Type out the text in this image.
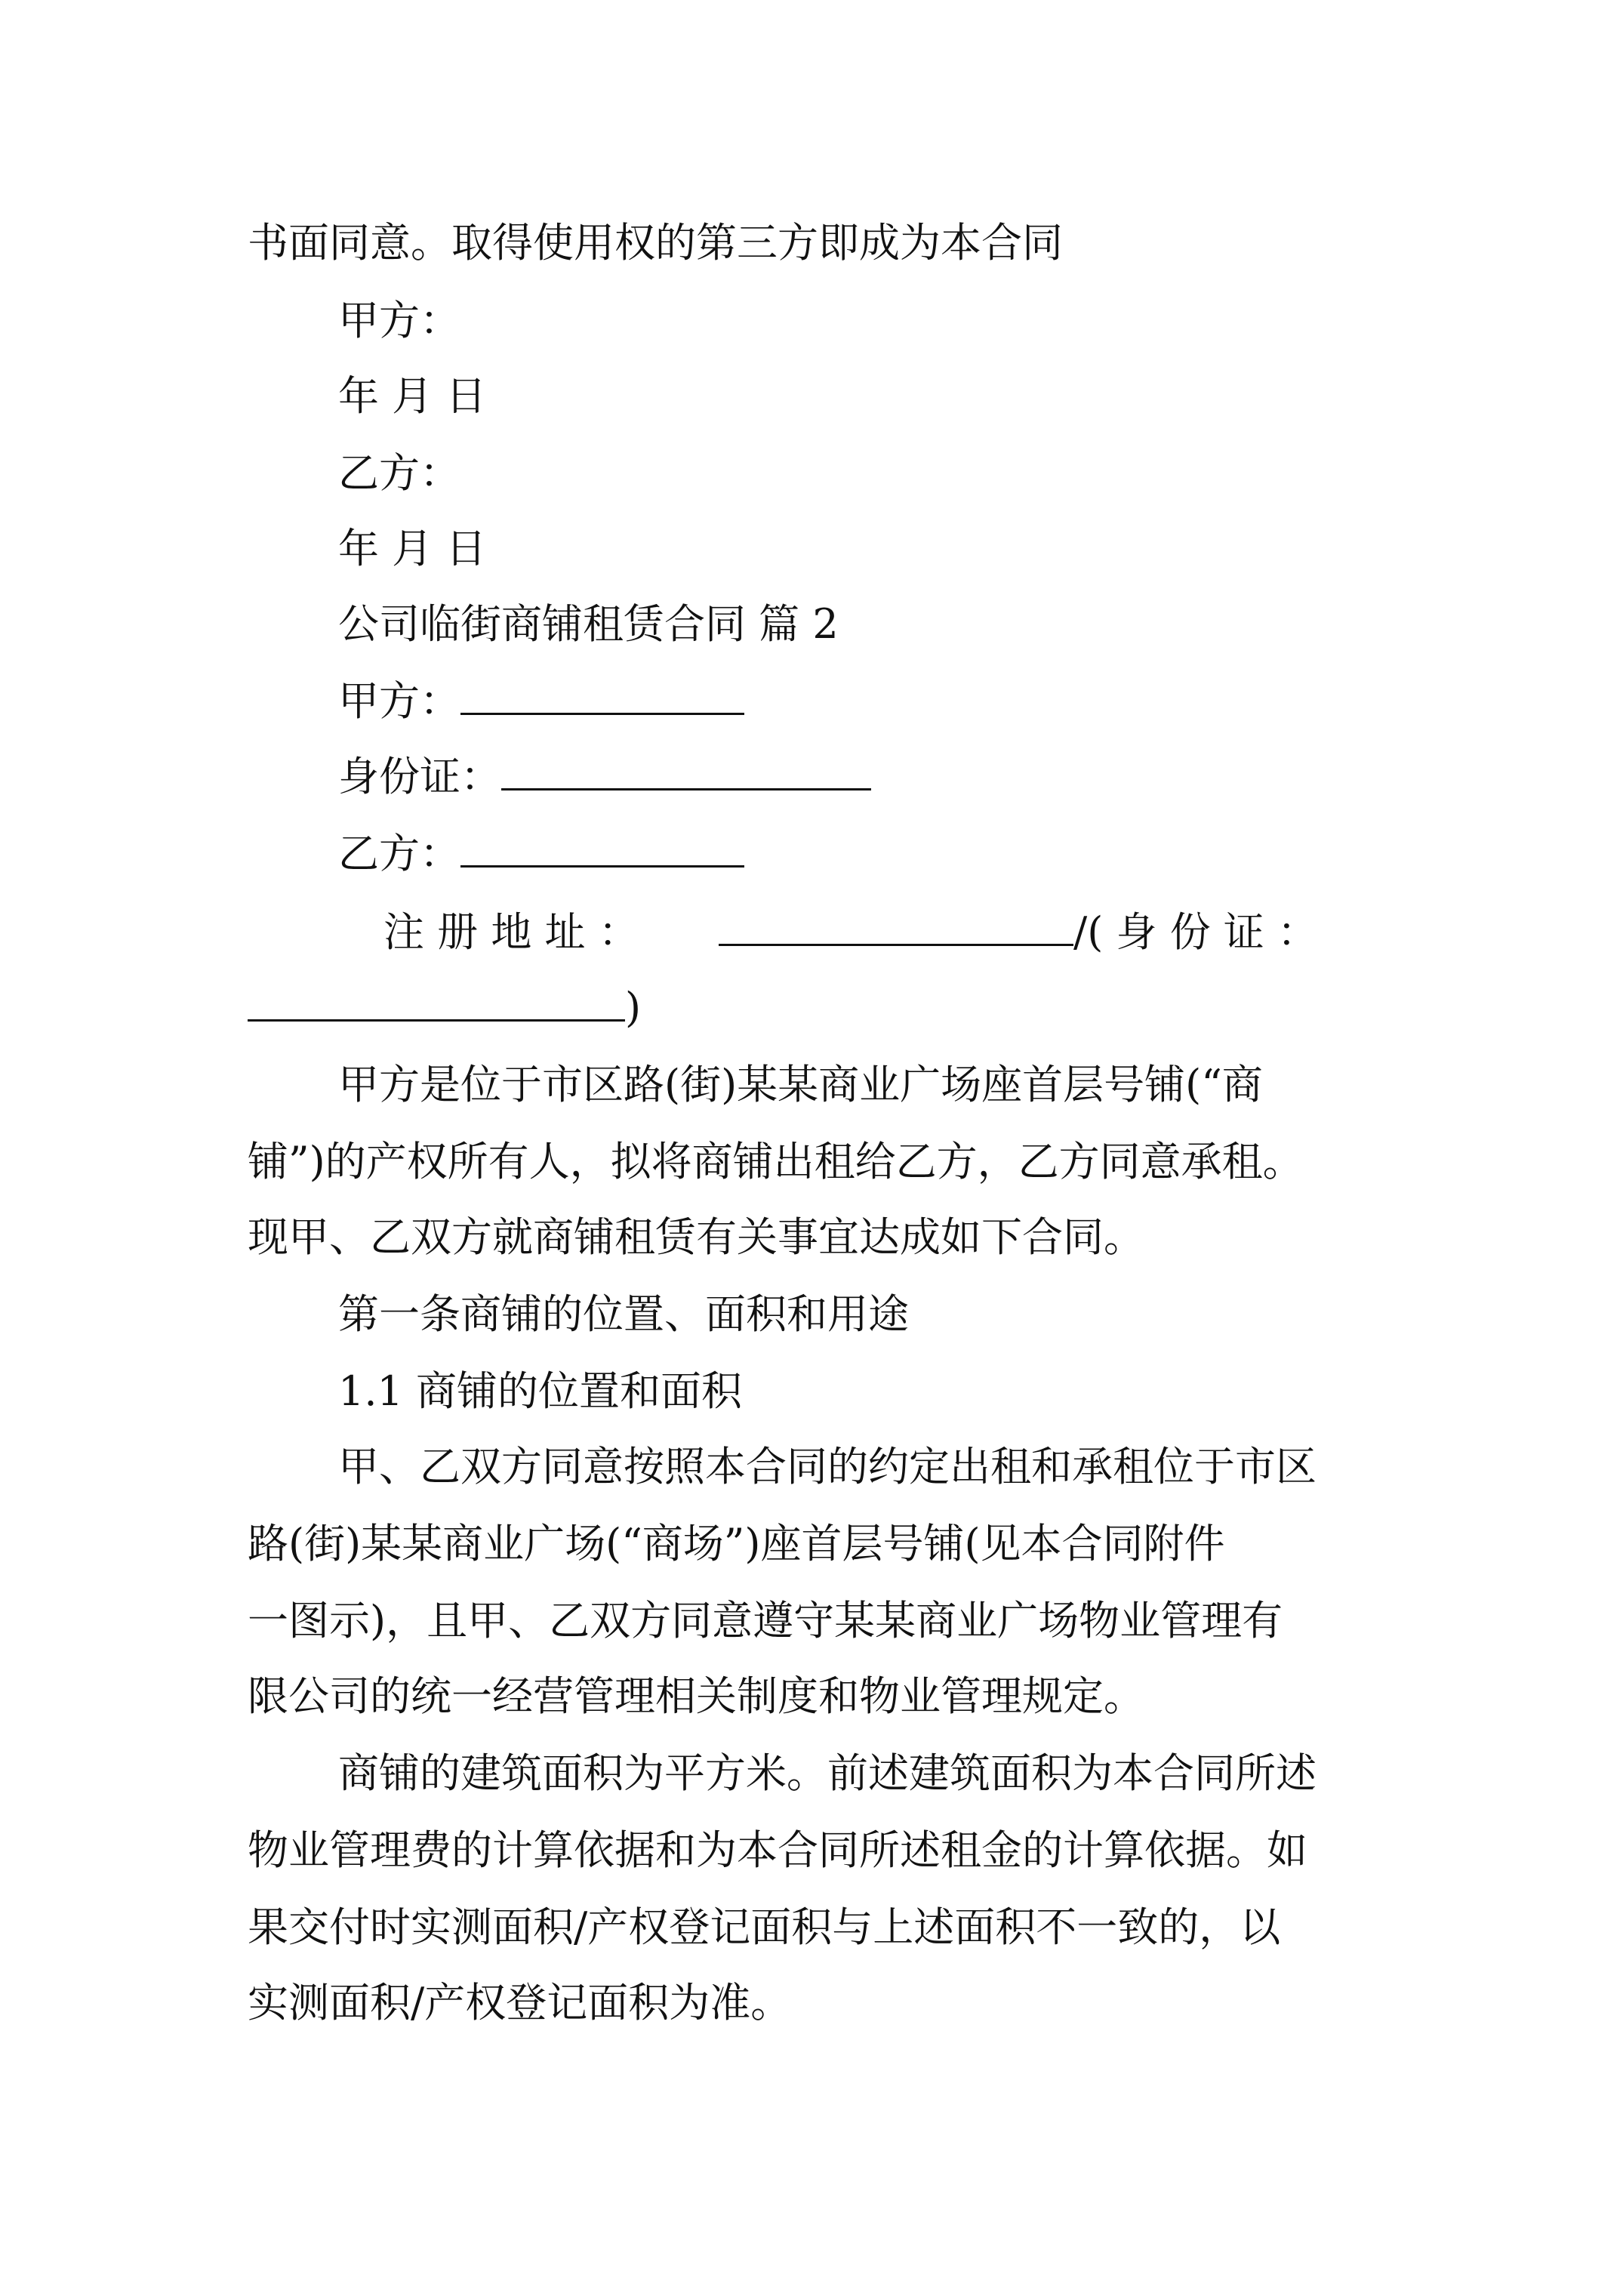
书面同意。取得使用权的第三方即成为本合同
甲方：
年 月 日
乙方：
年 月 日
公司临街商铺租赁合同 篇 2
甲方：
身份证：
乙方：
注 册 地 址 ：	/( 身 份 证 ：
)
甲方是位于市区路(街)某某商业广场座首层号铺(“商
铺”)的产权所有人，拟将商铺出租给乙方，乙方同意承租。
现甲、乙双方就商铺租赁有关事宜达成如下合同。
第一条商铺的位置、面积和用途
1.1 商铺的位置和面积
甲、乙双方同意按照本合同的约定出租和承租位于市区
路(街)某某商业广场(“商场”)座首层号铺(见本合同附件
一图示)，且甲、乙双方同意遵守某某商业广场物业管理有
限公司的统一经营管理相关制度和物业管理规定。
商铺的建筑面积为平方米。前述建筑面积为本合同所述
物业管理费的计算依据和为本合同所述租金的计算依据。如
果交付时实测面积/产权登记面积与上述面积不一致的，以
实测面积/产权登记面积为准。
